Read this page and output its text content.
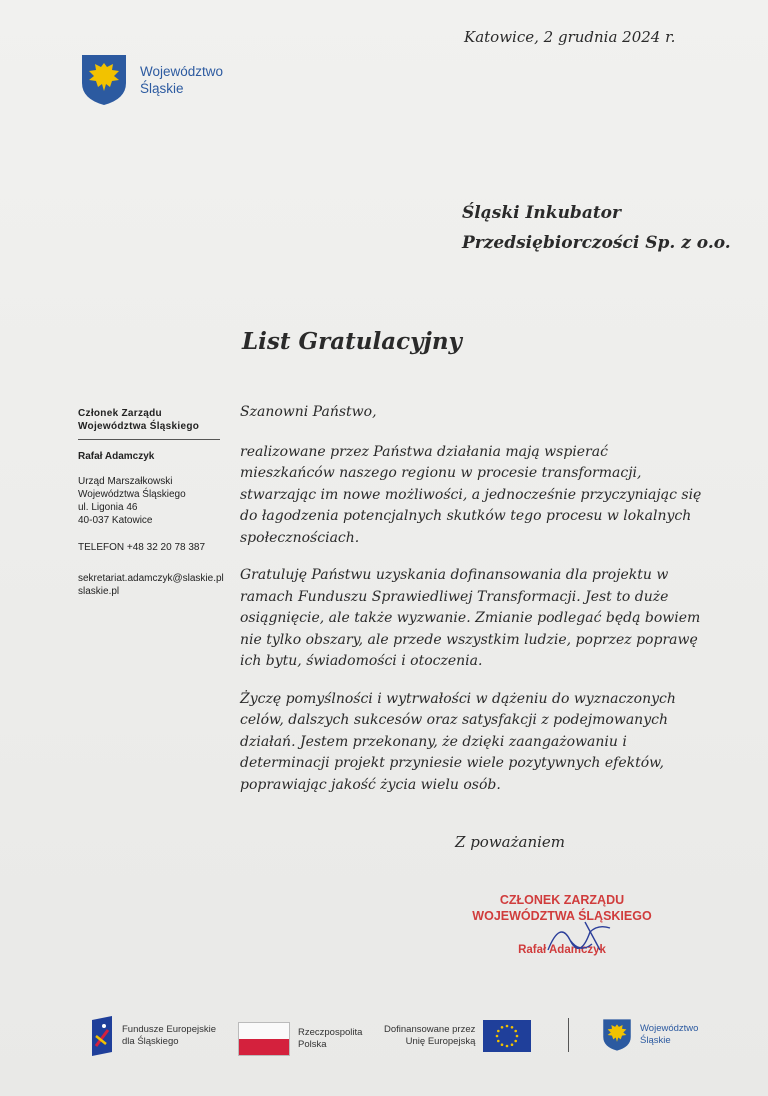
Województwo
Śląskie
Katowice, 2 grudnia 2024 r.
Śląski Inkubator
Przedsiębiorczości Sp. z o.o.
List Gratulacyjny
Członek Zarządu
Województwa Śląskiego
Rafał Adamczyk
Urząd Marszałkowski
Województwa Śląskiego
ul. Ligonia 46
40-037 Katowice
TELEFON +48 32 20 78 387
sekretariat.adamczyk@slaskie.pl
slaskie.pl

Szanowni Państwo,

realizowane przez Państwa działania mają wspierać mieszkańców naszego regionu w procesie transformacji, stwarzając im nowe możliwości, a jednocześnie przyczyniając się do łagodzenia potencjalnych skutków tego procesu w lokalnych społecznościach.

Gratuluję Państwu uzyskania dofinansowania dla projektu w ramach Funduszu Sprawiedliwej Transformacji. Jest to duże osiągnięcie, ale także wyzwanie. Zmianie podlegać będą bowiem nie tylko obszary, ale przede wszystkim ludzie, poprzez poprawę ich bytu, świadomości i otoczenia.

Życzę pomyślności i wytrwałości w dążeniu do wyznaczonych celów, dalszych sukcesów oraz satysfakcji z podejmowanych działań. Jestem przekonany, że dzięki zaangażowaniu i determinacji projekt przyniesie wiele pozytywnych efektów, poprawiając jakość życia wielu osób.

Z poważaniem
CZŁONEK ZARZĄDU
WOJEWÓDZTWA ŚLĄSKIEGO
Rafał Adamczyk
Fundusze Europejskie
dla Śląskiego
Rzeczpospolita
Polska
Dofinansowane przez
Unię Europejską
Województwo
Śląskie
